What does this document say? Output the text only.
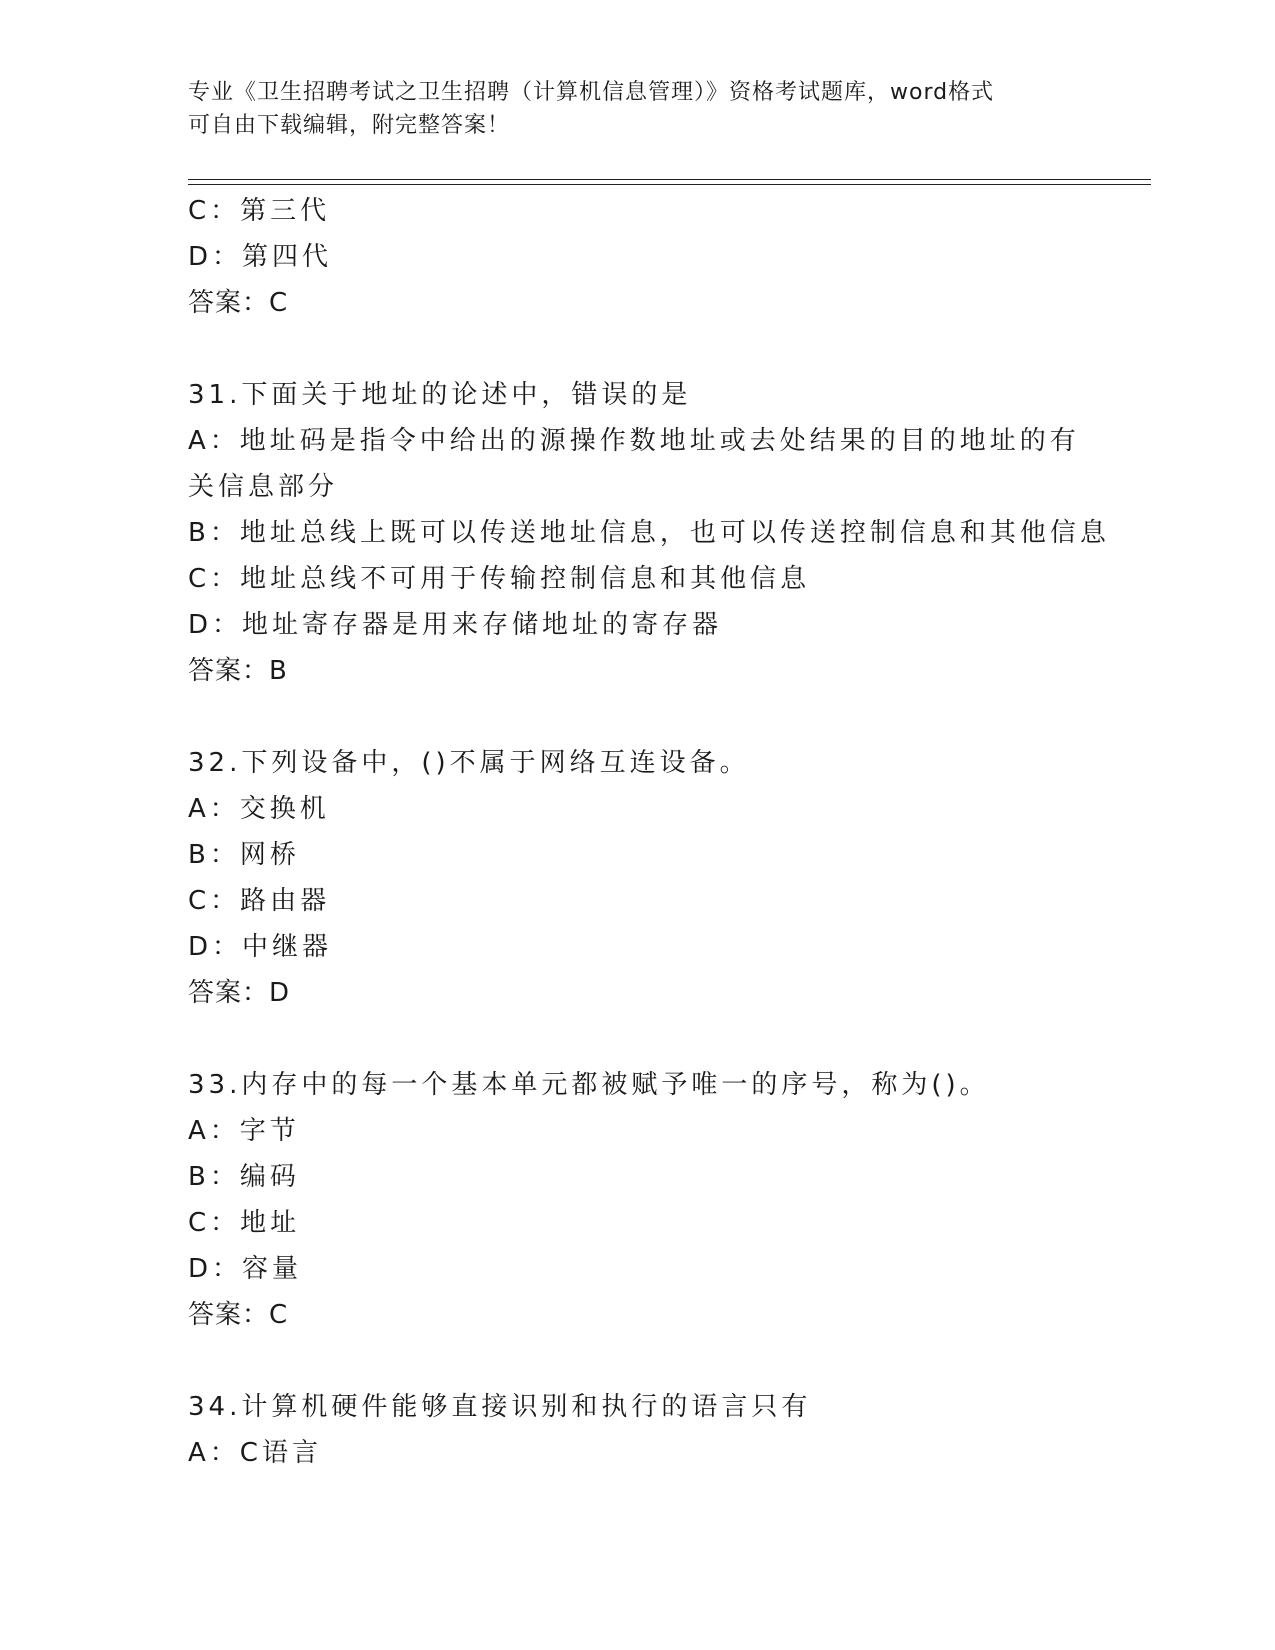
专业《卫生招聘考试之卫生招聘（计算机信息管理）》资格考试题库，word格式
可自由下载编辑，附完整答案！
C：第三代
D：第四代
答案：C
31.下面关于地址的论述中，错误的是
A：地址码是指令中给出的源操作数地址或去处结果的目的地址的有关信息部分
B：地址总线上既可以传送地址信息，也可以传送控制信息和其他信息
C：地址总线不可用于传输控制信息和其他信息
D：地址寄存器是用来存储地址的寄存器
答案：B
32.下列设备中，()不属于网络互连设备。
A：交换机
B：网桥
C：路由器
D：中继器
答案：D
33.内存中的每一个基本单元都被赋予唯一的序号，称为()。
A：字节
B：编码
C：地址
D：容量
答案：C
34.计算机硬件能够直接识别和执行的语言只有
A：C语言
